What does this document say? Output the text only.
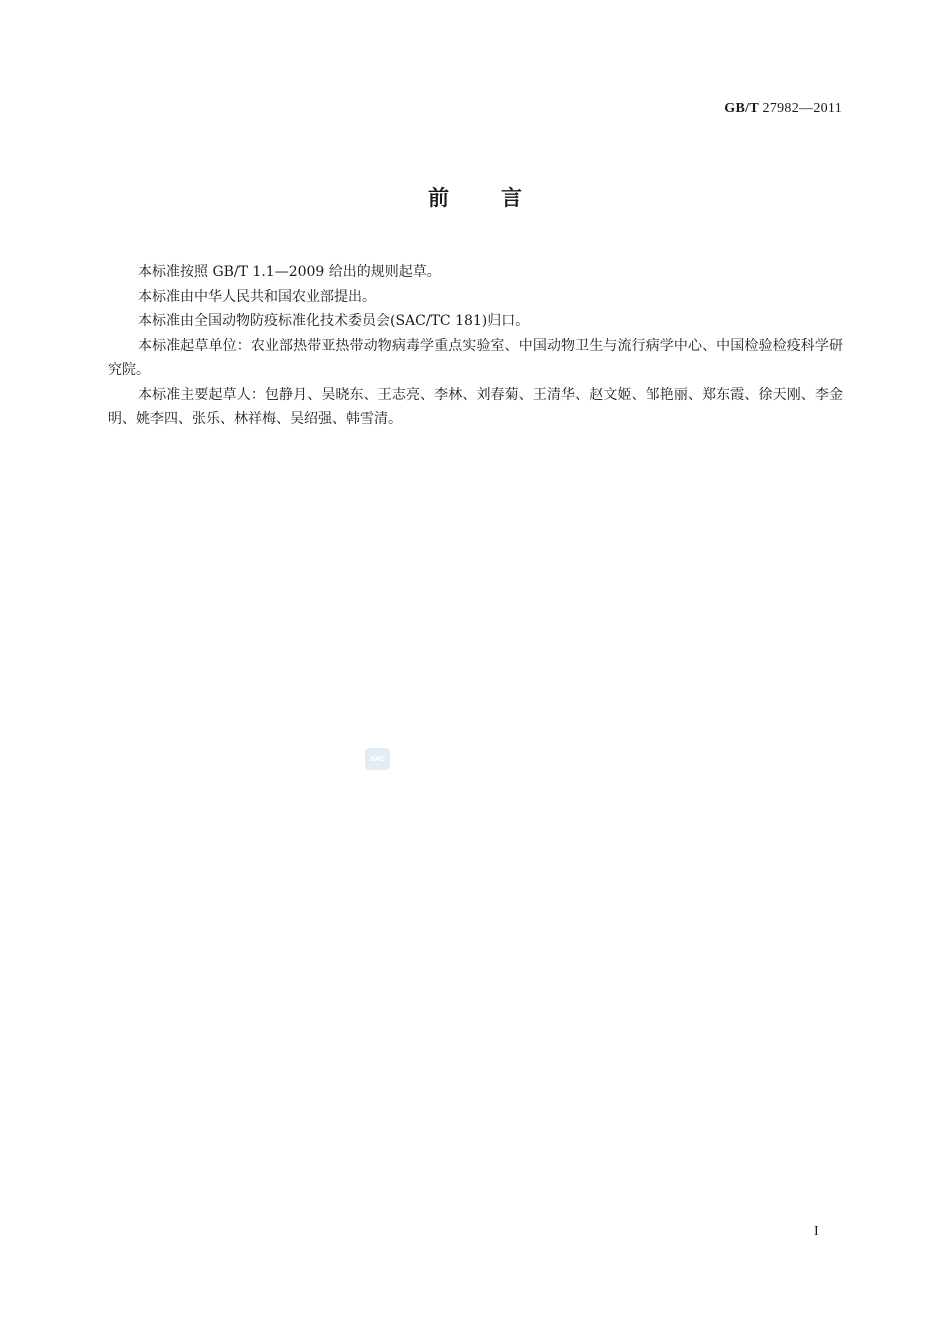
GB/T 27982—2011
前 言

本标准按照 GB/T 1.1—2009 给出的规则起草。

本标准由中华人民共和国农业部提出。

本标准由全国动物防疫标准化技术委员会(SAC/TC 181)归口。

本标准起草单位：农业部热带亚热带动物病毒学重点实验室、中国动物卫生与流行病学中心、中国检验检疫科学研究院。

本标准主要起草人：包静月、吴晓东、王志亮、李林、刘春菊、王清华、赵文姬、邹艳丽、郑东霞、徐天刚、李金明、姚李四、张乐、林祥梅、吴绍强、韩雪清。

SAC
I
